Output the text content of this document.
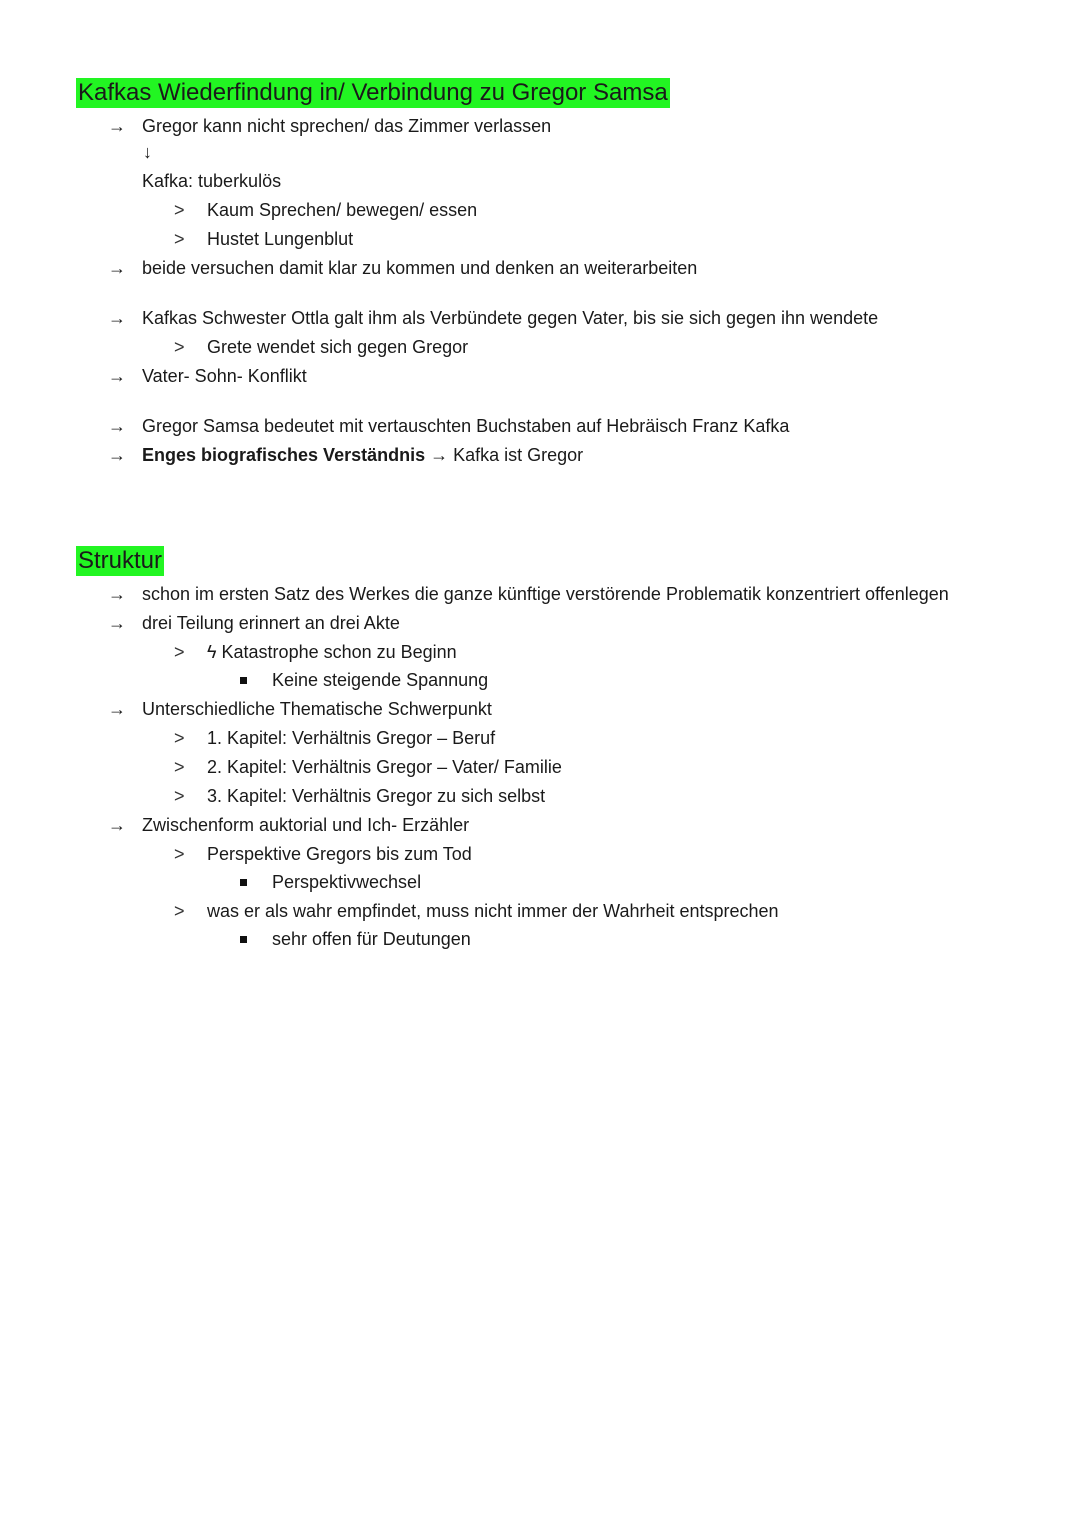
Kafkas Wiederfindung in/ Verbindung zu Gregor Samsa
→ Gregor kann nicht sprechen/ das Zimmer verlassen
↓
Kafka: tuberkulös
> Kaum Sprechen/ bewegen/ essen
> Hustet Lungenblut
→ beide versuchen damit klar zu kommen und denken an weiterarbeiten
→ Kafkas Schwester Ottla galt ihm als Verbündete gegen Vater, bis sie sich gegen ihn wendete
> Grete wendet sich gegen Gregor
→ Vater- Sohn- Konflikt
→ Gregor Samsa bedeutet mit vertauschten Buchstaben auf Hebräisch Franz Kafka
→ Enges biografisches Verständnis → Kafka ist Gregor
Struktur
→ schon im ersten Satz des Werkes die ganze künftige verstörende Problematik konzentriert offenlegen
→ drei Teilung erinnert an drei Akte
> ϟ Katastrophe schon zu Beginn
Keine steigende Spannung
→ Unterschiedliche Thematische Schwerpunkt
> 1. Kapitel: Verhältnis Gregor – Beruf
> 2. Kapitel: Verhältnis Gregor – Vater/ Familie
> 3. Kapitel: Verhältnis Gregor zu sich selbst
→ Zwischenform auktorial und Ich- Erzähler
> Perspektive Gregors bis zum Tod
Perspektivwechsel
> was er als wahr empfindet, muss nicht immer der Wahrheit entsprechen
sehr offen für Deutungen
